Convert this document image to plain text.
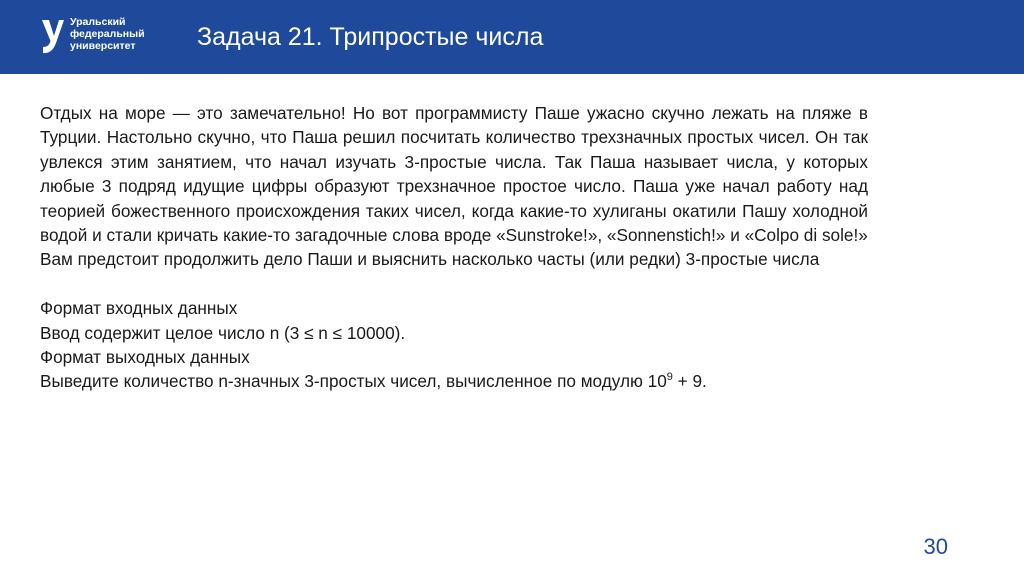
Уральский
федеральный
университет	Задача 21. Трипростые числа
Отдых на море — это замечательно! Но вот программисту Паше ужасно скучно лежать на пляже в Турции. Настольно скучно, что Паша решил посчитать количество трехзначных простых чисел. Он так увлекся этим занятием, что начал изучать 3-простые числа. Так Паша называет числа, у которых любые 3 подряд идущие цифры образуют трехзначное простое число. Паша уже начал работу над теорией божественного происхождения таких чисел, когда какие-то хулиганы окатили Пашу холодной водой и стали кричать какие-то загадочные слова вроде «Sunstroke!», «Sonnenstich!» и «Colpo di sole!»
Вам предстоит продолжить дело Паши и выяснить насколько часты (или редки) 3-простые числа
Формат входных данных
Ввод содержит целое число n (3 ≤ n ≤ 10000).
Формат выходных данных
Выведите количество n-значных 3-простых чисел, вычисленное по модулю $10^9 + 9$.
30
